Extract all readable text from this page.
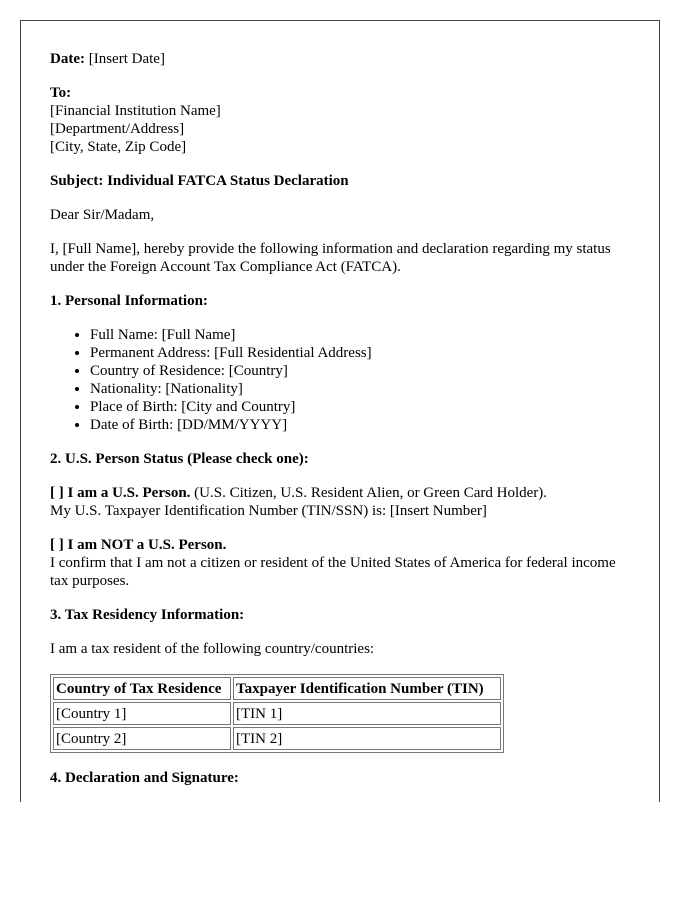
Date: [Insert Date]

To:

[Financial Institution Name]

[Department/Address]

[City, State, Zip Code]

Subject: Individual FATCA Status Declaration

Dear Sir/Madam,

I, [Full Name], hereby provide the following information and declaration regarding my status under the Foreign Account Tax Compliance Act (FATCA).

1. Personal Information:

• Full Name: [Full Name]
• Permanent Address: [Full Residential Address]
• Country of Residence: [Country]
• Nationality: [Nationality]
• Place of Birth: [City and Country]
• Date of Birth: [DD/MM/YYYY]

2. U.S. Person Status (Please check one):

[ ] I am a U.S. Person. (U.S. Citizen, U.S. Resident Alien, or Green Card Holder).

My U.S. Taxpayer Identification Number (TIN/SSN) is: [Insert Number]

[ ] I am NOT a U.S. Person.

I confirm that I am not a citizen or resident of the United States of America for federal income tax purposes.

3. Tax Residency Information:

I am a tax resident of the following country/countries:

Country of Tax Residence	Taxpayer Identification Number (TIN)
[Country 1]	[TIN 1]
[Country 2]	[TIN 2]

4. Declaration and Signature:
